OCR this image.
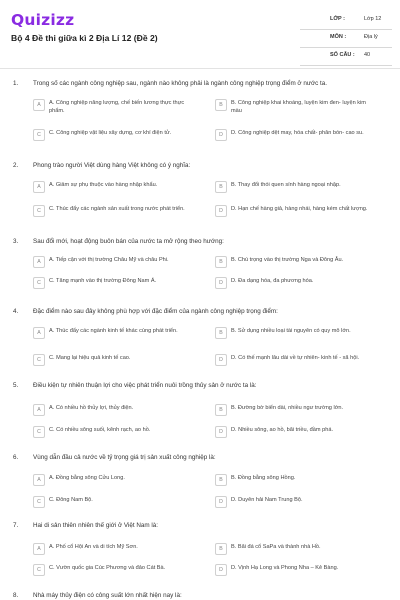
Quizizz
Bộ 4 Đề thi giữa kì 2 Địa Lí 12 (Đề 2)
LỚP :	Lớp 12
MÔN :	Địa lý
SỐ CÂU : 40
1. Trong số các ngành công nghiệp sau, ngành nào không phải là ngành công nghiệp trọng điểm ở nước ta.
A	A. Công nghiệp năng lượng, chế biến lương thực thực phẩm.
B	B. Công nghiệp khai khoáng, luyện kim đen- luyện kim màu
C	C. Công nghiệp vật liệu xây dựng, cơ khí điện tử.	D	D. Công nghiệp dệt may, hóa chất- phân bón- cao su.
2. Phong trào người Việt dùng hàng Việt không có ý nghĩa:
A	A. Giảm sự phụ thuộc vào hàng nhập khẩu.	B	B. Thay đổi thói quen sính hàng ngoại nhập.
C	C. Thúc đẩy các ngành sản xuất trong nước phát triển.	D	D. Hạn chế hàng giả, hàng nhái, hàng kém chất lượng.
3. Sau đổi mới, hoạt động buôn bán của nước ta mở rộng theo hướng:
A	A. Tiếp cận với thị trường Châu Mỹ và châu Phi.	B	B. Chú trọng vào thị trường Nga và Đông Âu.
C	C. Tăng mạnh vào thị trường Đông Nam Á.	D	D. Đa dạng hóa, đa phương hóa.
4. Đặc điểm nào sau đây không phù hợp với đặc điểm của ngành công nghiệp trọng điểm:
A	A. Thúc đẩy các ngành kinh tế khác cùng phát triển.	B	B. Sử dụng nhiều loại tài nguyên có quy mô lớn.
C	C. Mang lại hiệu quả kinh tế cao.	D	D. Có thế mạnh lâu dài về tự nhiên- kinh tế - xã hội.
5. Điều kiện tự nhiên thuận lợi cho việc phát triển nuôi trồng thủy sản ở nước ta là:
A	A. Có nhiều hồ thủy lợi, thủy điện.	B	B. Đường bờ biển dài, nhiều ngư trường lớn.
C	C. Có nhiều sông suối, kênh rạch, ao hồ.	D	D. Nhiều sông, ao hồ, bãi triều, đầm phá.
6. Vùng dẫn đầu cả nước về tỷ trọng giá trị sản xuất công nghiệp là:
A	A. Đồng bằng sông Cửu Long.	B	B. Đồng bằng sông Hồng.
C	C. Đông Nam Bộ.	D	D. Duyên hải Nam Trung Bộ.
7. Hai di sản thiên nhiên thế giới ở Việt Nam là:
A	A. Phố cổ Hội An và di tích Mỹ Sơn.	B	B. Bãi đá cổ SaPa và thành nhà Hồ.
C	C. Vườn quốc gia Cúc Phương và đảo Cát Bà.	D	D. Vịnh Hạ Long và Phong Nha – Kẻ Bàng.
8. Nhà máy thủy điện có công suất lớn nhất hiện nay là:
